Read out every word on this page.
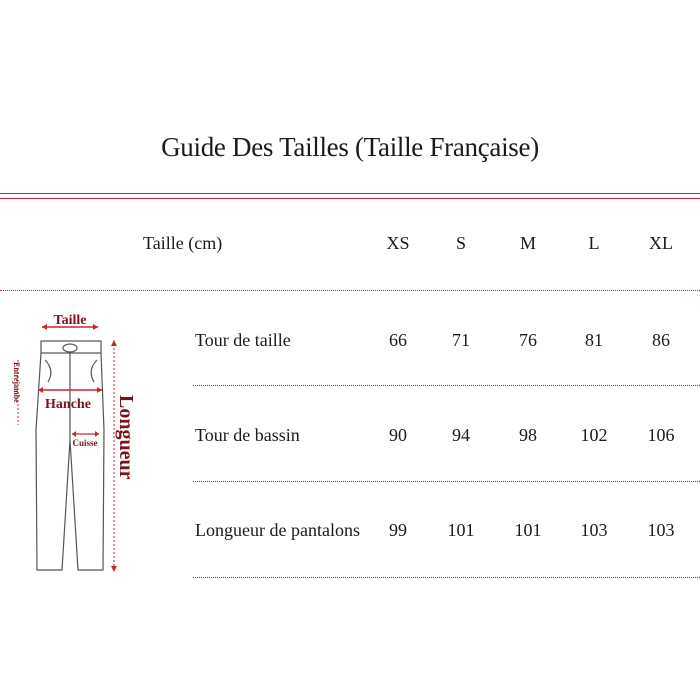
Guide Des Tailles (Taille Française)
Taille (cm)	XS	S	M	L	XL
Tour de taille	66	71	76	81	86
Tour de bassin	90	94	98	102	106
Longueur de pantalons	99	101	101	103	103
Taille
Entrejambe
Hanche
Cuisse Longueur
